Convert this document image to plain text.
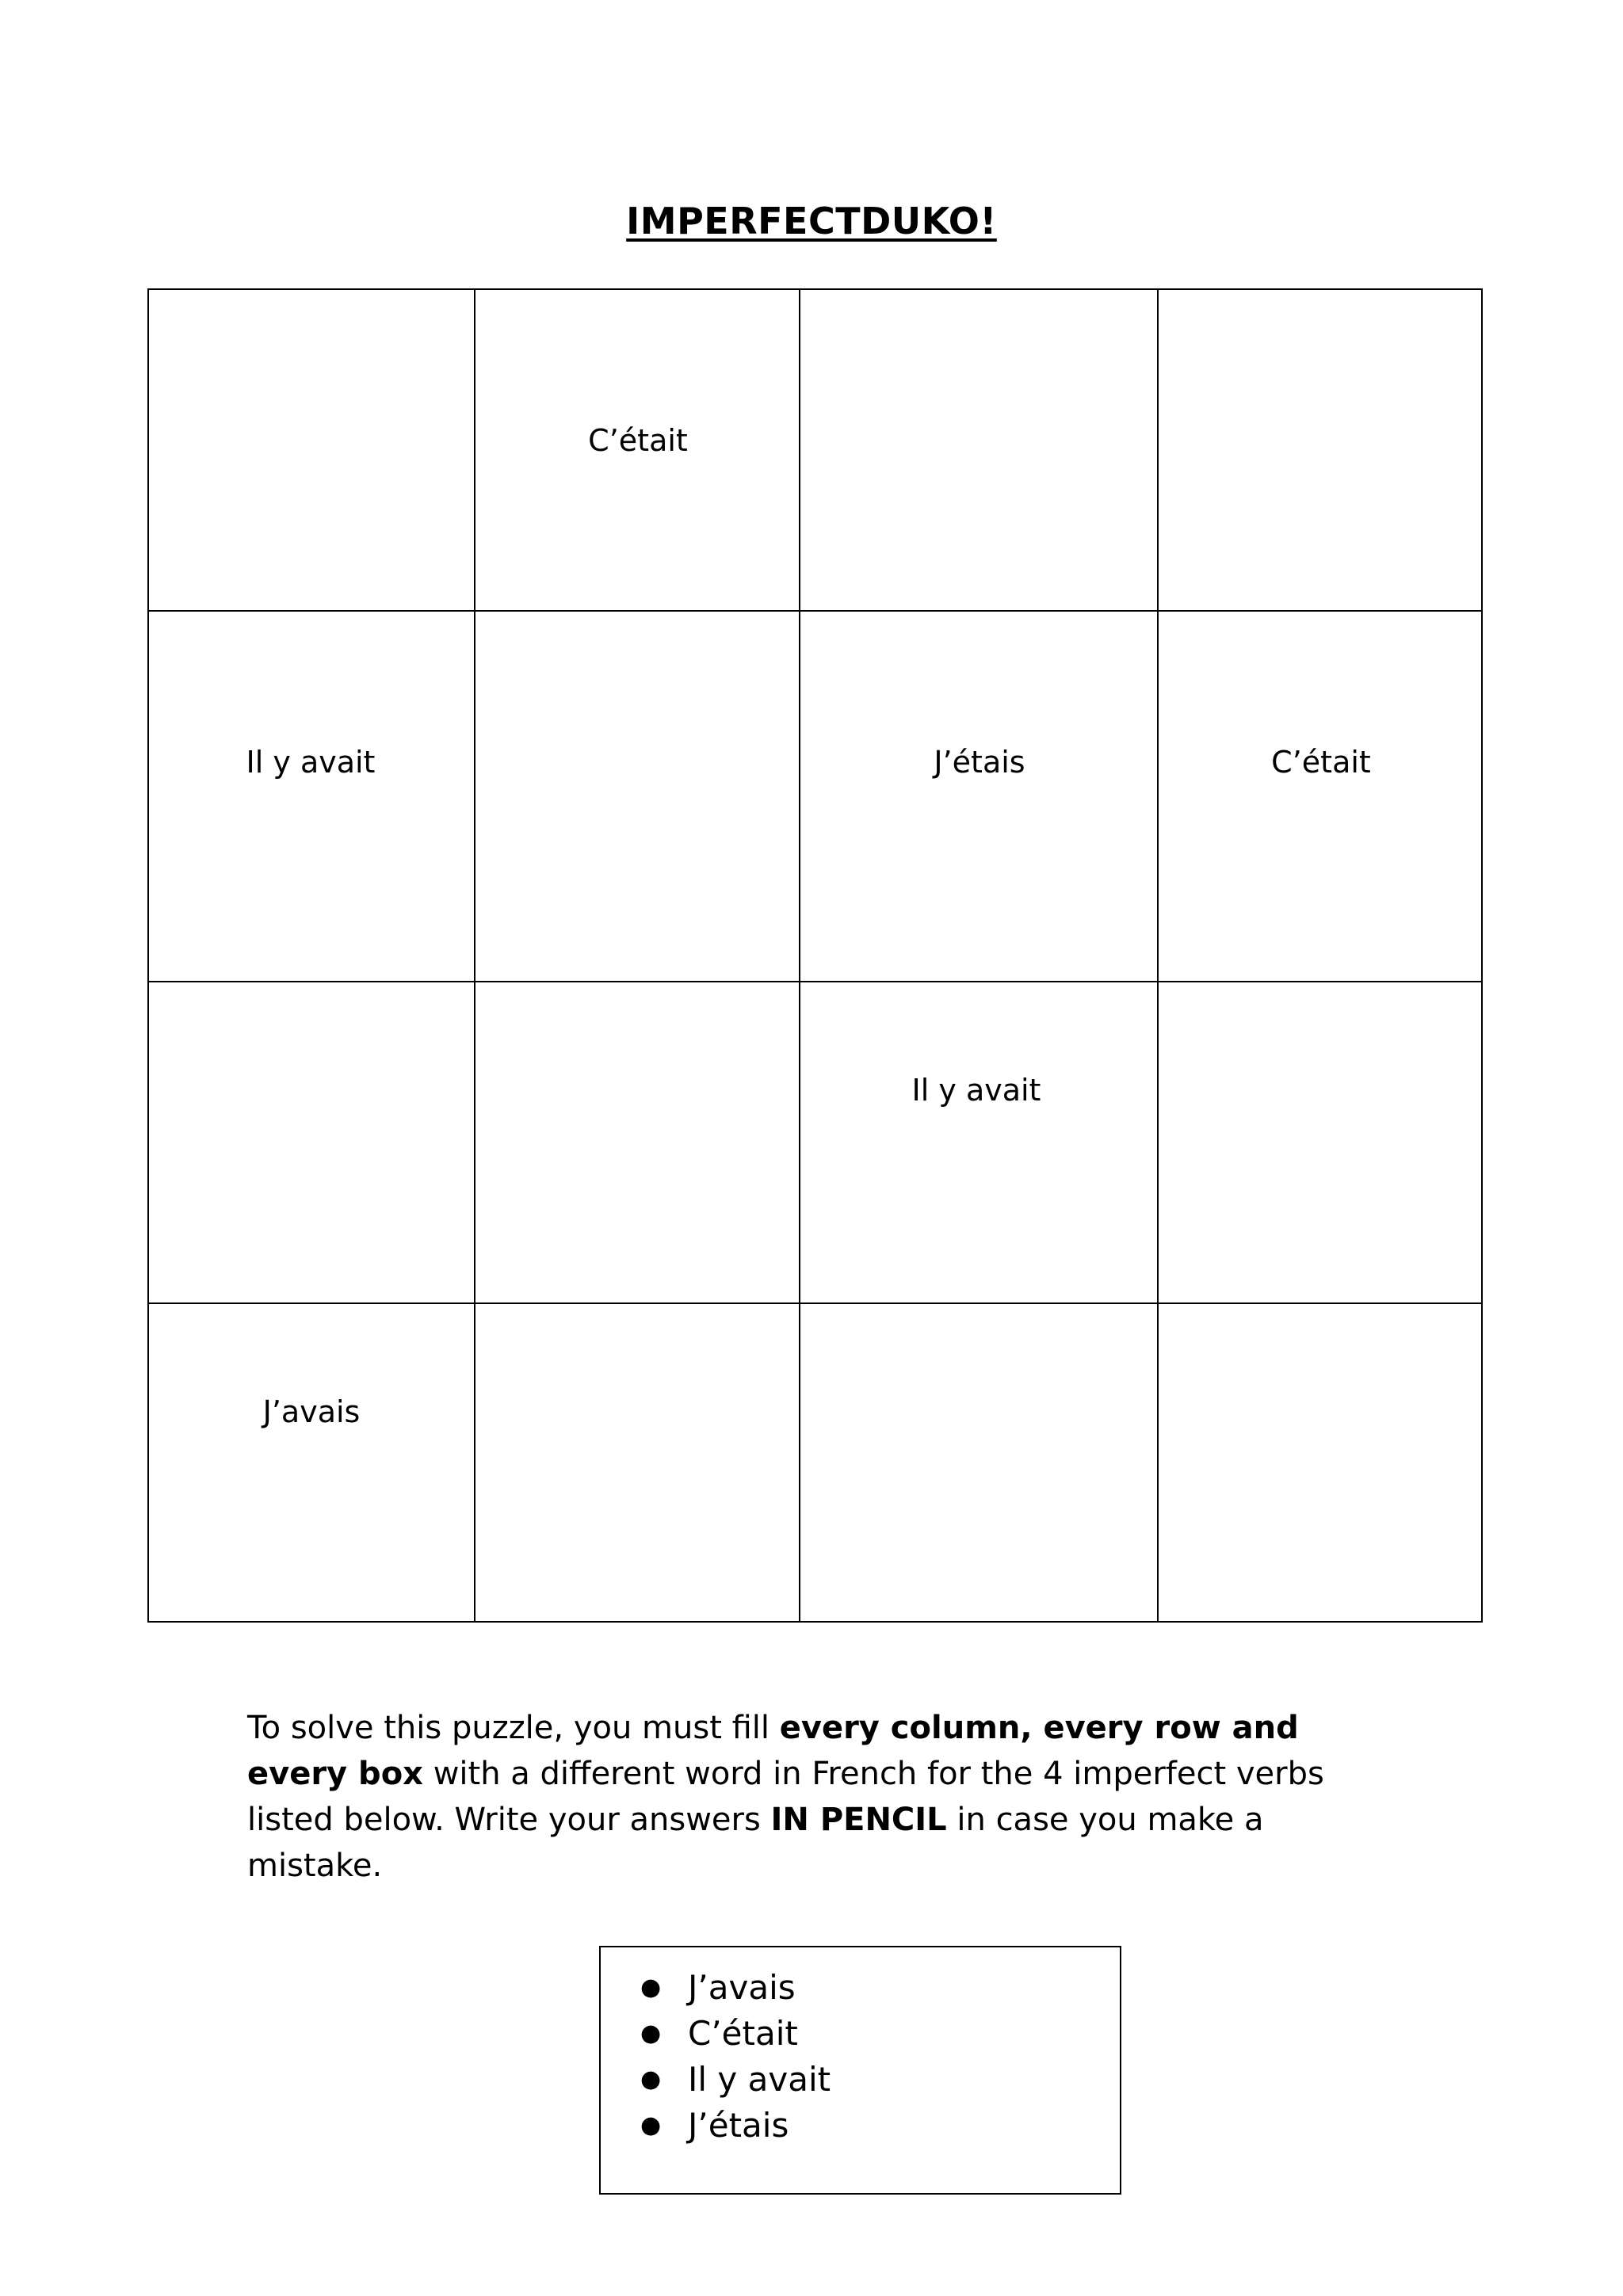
IMPERFECTDUKO!
C’était
Il y avait	J’étais	C’était
Il y avait
J’avais
To solve this puzzle, you must fill every column, every row and every box with a different word in French for the 4 imperfect verbs listed below. Write your answers IN PENCIL in case you make a mistake.
● J’avais
● C’était
● Il y avait
● J’étais
